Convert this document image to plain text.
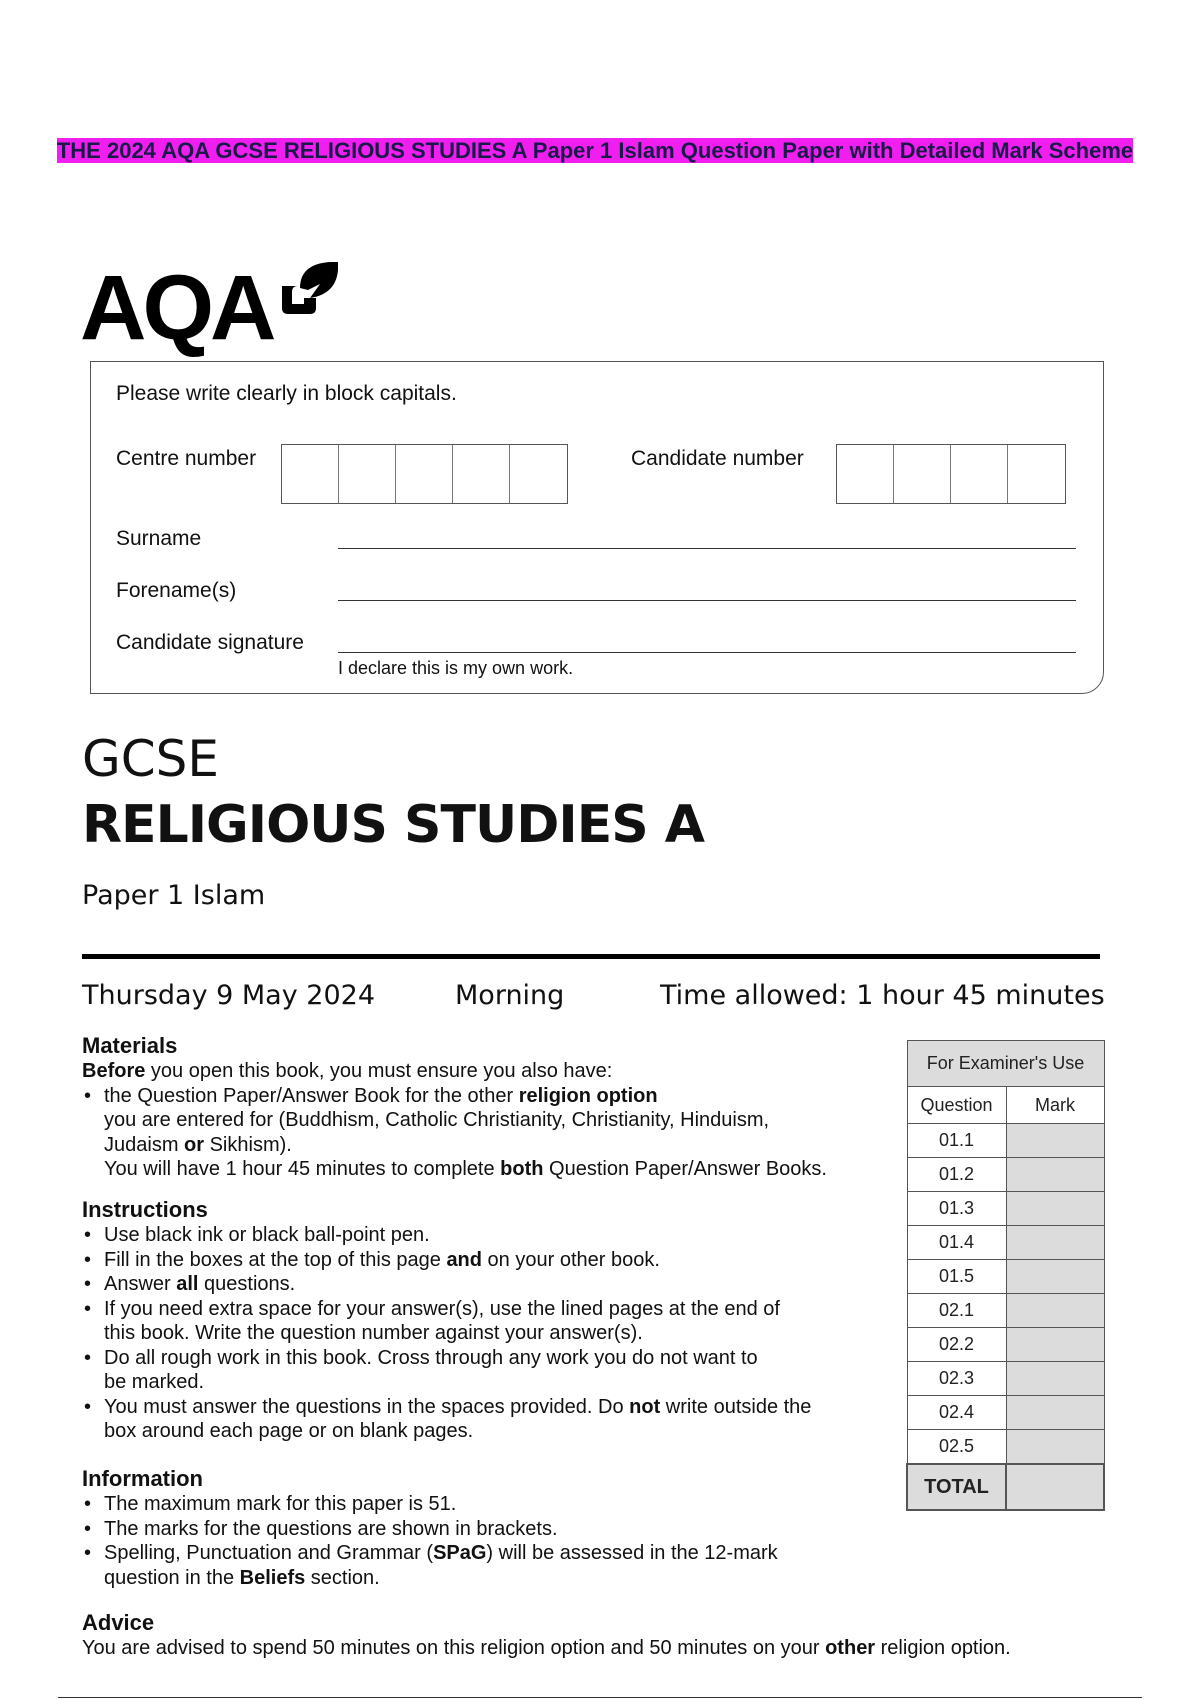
THE 2024 AQA GCSE RELIGIOUS STUDIES A Paper 1 Islam Question Paper with Detailed Mark Scheme
AQA
Please write clearly in block capitals.
Centre number	Candidate number
Surname
Forename(s)
Candidate signature
I declare this is my own work.
GCSE
RELIGIOUS STUDIES A
Paper 1 Islam
Thursday 9 May 2024	Morning	Time allowed: 1 hour 45 minutes
Materials
Before you open this book, you must ensure you also have:
• the Question Paper/Answer Book for the other religion option
you are entered for (Buddhism, Catholic Christianity, Christianity, Hinduism,
Judaism or Sikhism).
You will have 1 hour 45 minutes to complete both Question Paper/Answer Books.
Instructions
• Use black ink or black ball-point pen.
• Fill in the boxes at the top of this page and on your other book.
• Answer all questions.
• If you need extra space for your answer(s), use the lined pages at the end of
this book. Write the question number against your answer(s).
• Do all rough work in this book. Cross through any work you do not want to
be marked.
• You must answer the questions in the spaces provided. Do not write outside the
box around each page or on blank pages.
Information
• The maximum mark for this paper is 51.
• The marks for the questions are shown in brackets.
• Spelling, Punctuation and Grammar (SPaG) will be assessed in the 12-mark
question in the Beliefs section.
Advice
You are advised to spend 50 minutes on this religion option and 50 minutes on your other religion option.
For Examiner's Use	
Question	Mark
01.1	
01.2	
01.3	
01.4	
01.5	
02.1	
02.2	
02.3	
02.4	
02.5	
TOTAL	
